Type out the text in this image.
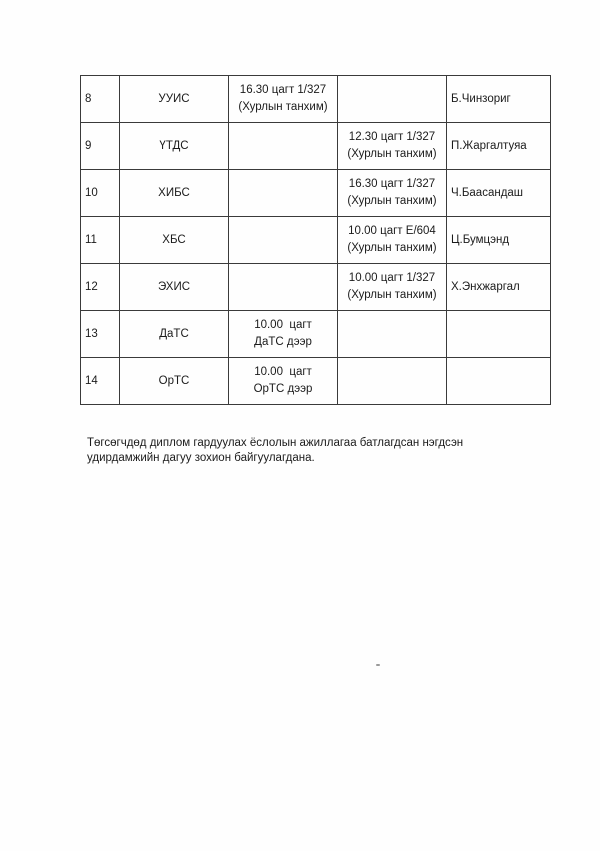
8	УУИС	16.30 цагт 1/327
(Хурлын танхим)		Б.Чинзориг
9	ҮТДС		12.30 цагт 1/327
(Хурлын танхим)	П.Жаргалтуяа
10	ХИБС		16.30 цагт 1/327
(Хурлын танхим)	Ч.Баасандаш
11	ХБС		10.00 цагт Е/604
(Хурлын танхим)	Ц.Бумцэнд
12	ЭХИС		10.00 цагт 1/327
(Хурлын танхим)	Х.Энхжаргал
13	ДаТС	10.00  цагт
ДаТС дээр		

14	ОрТС	10.00  цагт
ОрТС дээр		

Төгсөгчдөд диплом гардуулах ёслолын ажиллагаа батлагдсан нэгдсэн удирдамжийн дагуу зохион байгуулагдана.
